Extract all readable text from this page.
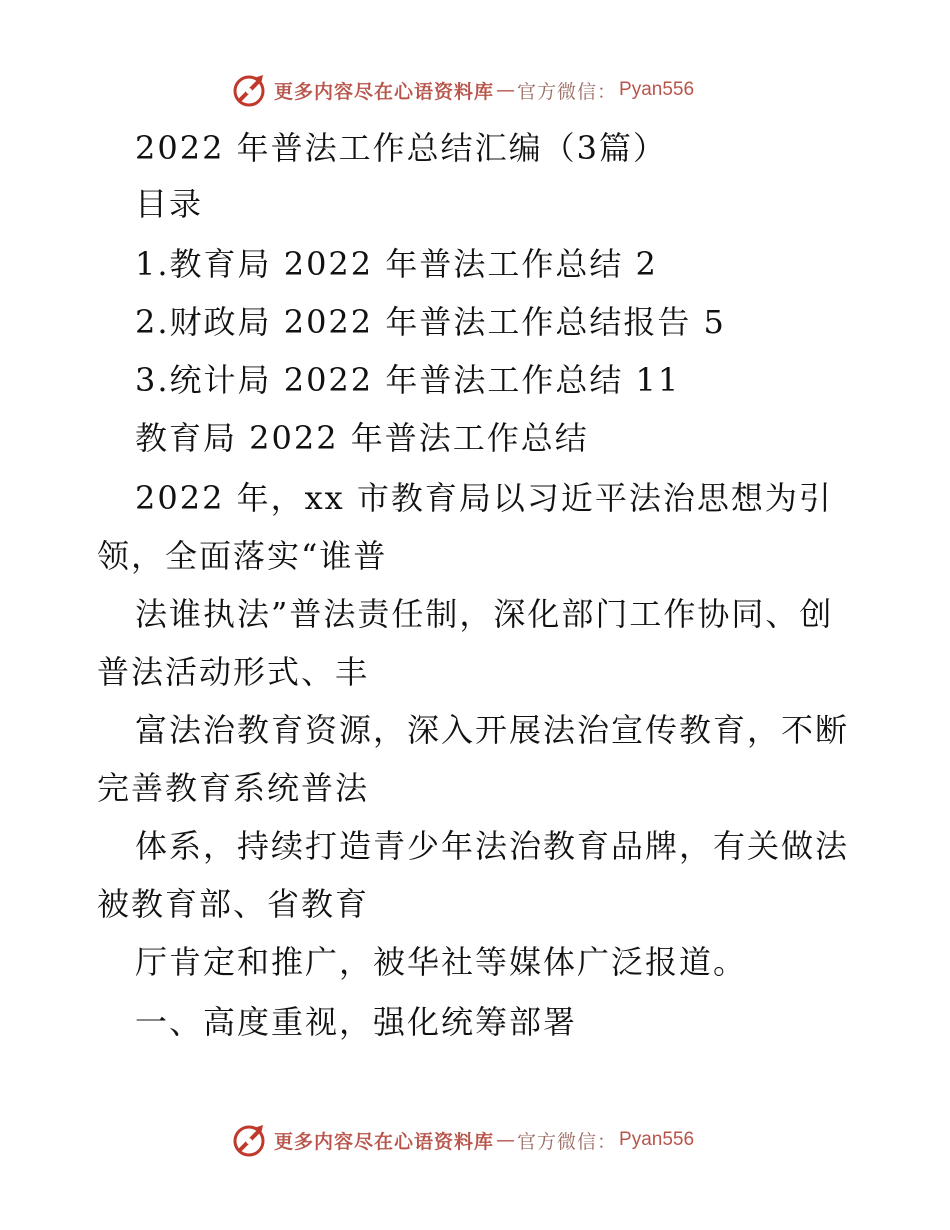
更多内容尽在心语资料库 — 官方微信： Pyan556
2022 年普法工作总结汇编（3篇）
目录
1.教育局 2022 年普法工作总结 2
2.财政局 2022 年普法工作总结报告 5
3.统计局 2022 年普法工作总结 11
教育局 2022 年普法工作总结
2022 年，xx 市教育局以习近平法治思想为引
领，全面落实“谁普
法谁执法”普法责任制，深化部门工作协同、创
普法活动形式、丰
富法治教育资源，深入开展法治宣传教育，不断
完善教育系统普法
体系，持续打造青少年法治教育品牌，有关做法
被教育部、省教育
厅肯定和推广，被华社等媒体广泛报道。
一、高度重视，强化统筹部署
更多内容尽在心语资料库 — 官方微信： Pyan556
